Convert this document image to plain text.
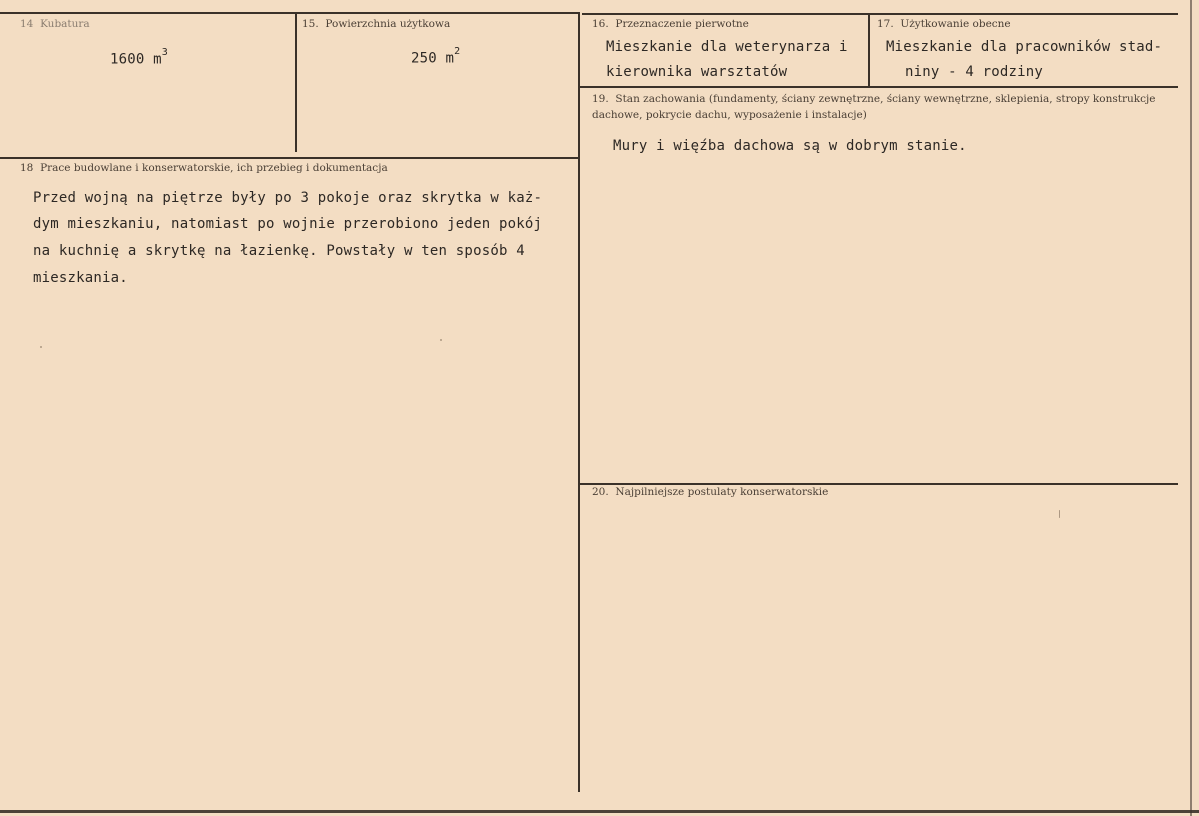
14 Kubatura
1600 $m^3$
15. Powierzchnia użytkowa
250 $m^2$
16. Przeznaczenie pierwotne
Mieszkanie dla weterynarza i
kierownika warsztatów
17. Użytkowanie obecne
Mieszkanie dla pracowników stad-
niny - 4 rodziny
18 Prace budowlane i konserwatorskie, ich przebieg i dokumentacja
Przed wojną na piętrze były po 3 pokoje oraz skrytka w każ-
dym mieszkaniu, natomiast po wojnie przerobiono jeden pokój
na kuchnię a skrytkę na łazienkę. Powstały w ten sposób 4
mieszkania.
19. Stan zachowania (fundamenty, ściany zewnętrzne, ściany wewnętrzne, sklepienia, stropy konstrukcje dachowe, pokrycie dachu, wyposażenie i instalacje)
Mury i więźba dachowa są w dobrym stanie.
20. Najpilniejsze postulaty konserwatorskie
